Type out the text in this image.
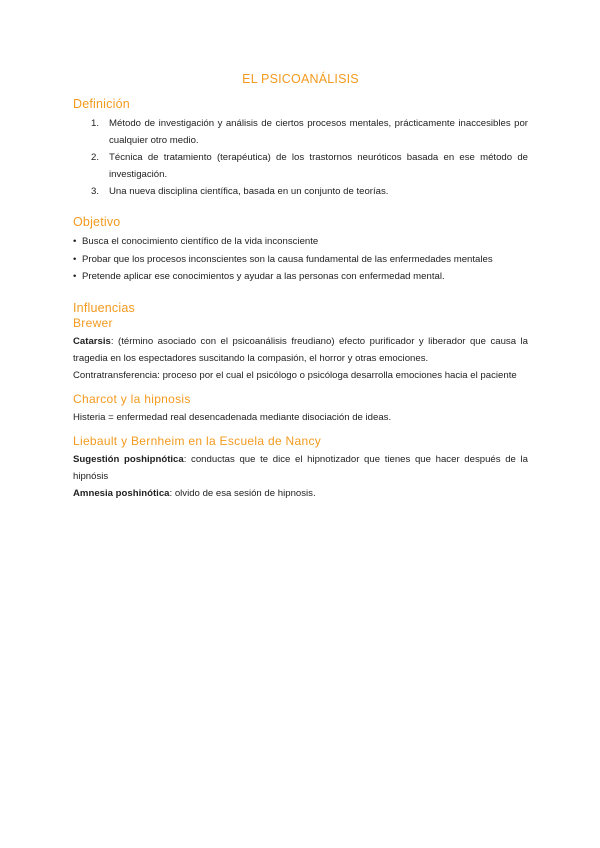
EL PSICOANÁLISIS
Definición
1. Método de investigación y análisis de ciertos procesos mentales, prácticamente inaccesibles por cualquier otro medio.
2. Técnica de tratamiento (terapéutica) de los trastornos neuróticos basada en ese método de investigación.
3. Una nueva disciplina científica, basada en un conjunto de teorías.
Objetivo
• Busca el conocimiento científico de la vida inconsciente
• Probar que los procesos inconscientes son la causa fundamental de las enfermedades mentales
• Pretende aplicar ese conocimientos y ayudar a las personas con enfermedad mental.
Influencias
Brewer

Catarsis: (término asociado con el psicoanálisis freudiano) efecto purificador y liberador que causa la tragedia en los espectadores suscitando la compasión, el horror y otras emociones.

Contratransferencia: proceso por el cual el psicólogo o psicóloga desarrolla emociones hacia el paciente

Charcot y la hipnosis

Histeria = enfermedad real desencadenada mediante disociación de ideas.

Liebault y Bernheim en la Escuela de Nancy

Sugestión poshipnótica: conductas que te dice el hipnotizador que tienes que hacer después de la hipnósis

Amnesia poshinótica: olvido de esa sesión de hipnosis.
